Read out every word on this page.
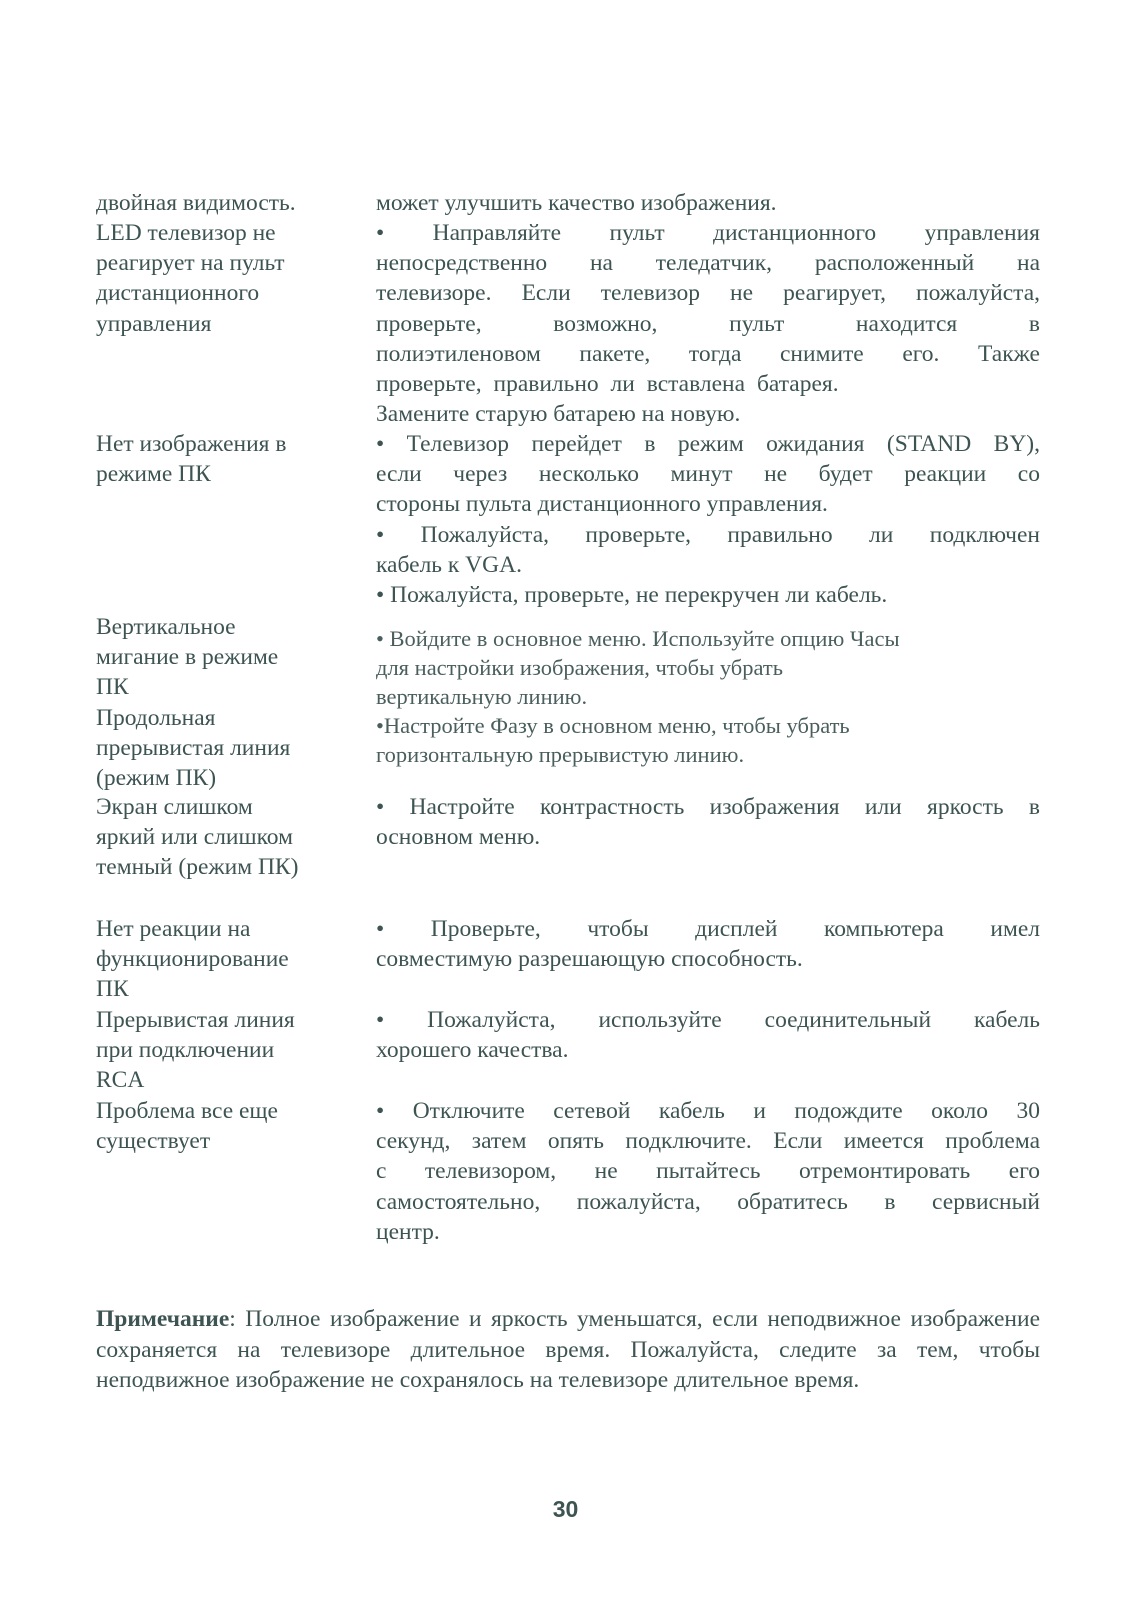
двойная видимость.	может улучшить качество изображения.

LED телевизор не
реагирует на пульт
дистанционного
управления

• Направляйте пульт дистанционного управления

непосредственно на теледатчик, расположенный на

телевизоре. Если телевизор не реагирует, пожалуйста,

проверьте, возможно, пульт находится в

полиэтиленовом пакете, тогда снимите его. Также

проверьте, правильно ли вставлена батарея.

Замените старую батарею на новую.

Нет изображения в
режиме ПК

• Телевизор перейдет в режим ожидания (STAND BY),

если через несколько минут не будет реакции со

стороны пульта дистанционного управления.

• Пожалуйста, проверьте, правильно ли подключен

кабель к VGA.

• Пожалуйста, проверьте, не перекручен ли кабель.

Вертикальное
мигание в режиме
ПК
Продольная
прерывистая линия
(режим ПК)

• Войдите в основное меню. Используйте опцию Часы

для настройки изображения, чтобы убрать

вертикальную линию.

•Настройте Фазу в основном меню, чтобы убрать

горизонтальную прерывистую линию.

Экран слишком
яркий или слишком
темный (режим ПК)

• Настройте контрастность изображения или яркость в

основном меню.

Нет реакции на
функционирование
ПК

• Проверьте, чтобы дисплей компьютера имел

совместимую разрешающую способность.

Прерывистая линия
при подключении
RCA

• Пожалуйста, используйте соединительный кабель

хорошего качества.

Проблема все еще
существует

• Отключите сетевой кабель и подождите около 30

секунд, затем опять подключите. Если имеется проблема

с телевизором, не пытайтесь отремонтировать его

самостоятельно, пожалуйста, обратитесь в сервисный

центр.

Примечание: Полное изображение и яркость уменьшатся, если неподвижное изображение сохраняется на телевизоре длительное время. Пожалуйста, следите за тем, чтобы неподвижное изображение не сохранялось на телевизоре длительное время.
30
